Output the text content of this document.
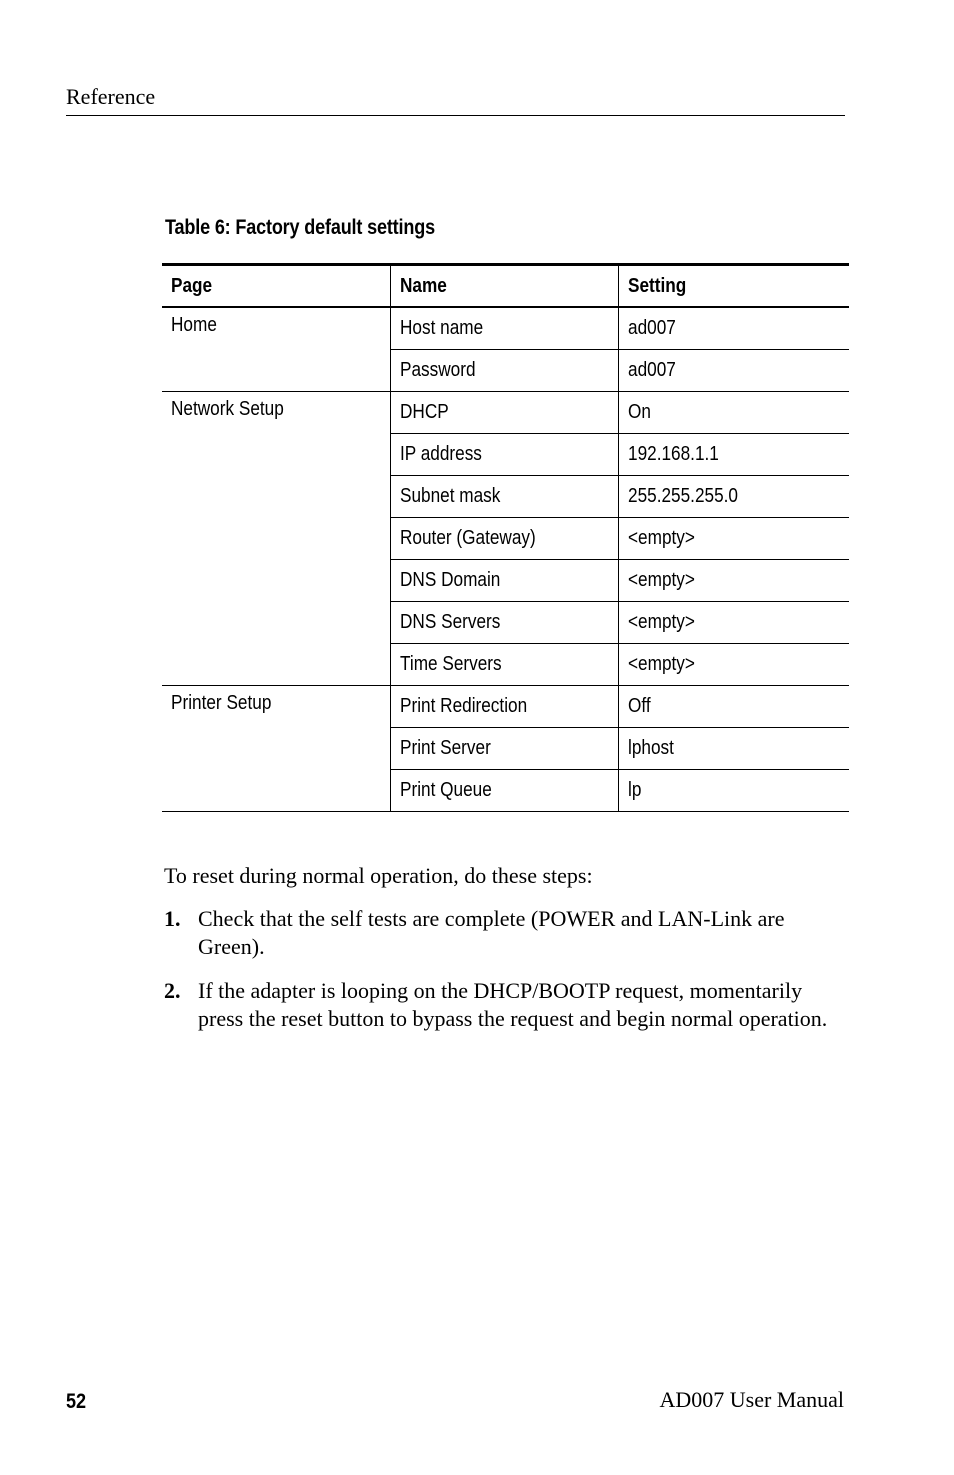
Reference
Table 6: Factory default settings
Page	Name	Setting
Home	Host name	ad007
	Password	ad007
Network Setup	DHCP	On
	IP address	192.168.1.1
	Subnet mask	255.255.255.0
	Router (Gateway)	<empty>
	DNS Domain	<empty>
	DNS Servers	<empty>
	Time Servers	<empty>
Printer Setup	Print Redirection	Off
	Print Server	lphost
	Print Queue	lp
To reset during normal operation, do these steps:
1. Check that the self tests are complete (POWER and LAN-Link are Green).
2. If the adapter is looping on the DHCP/BOOTP request, momentarily press the reset button to bypass the request and begin normal operation.
52	AD007 User Manual
